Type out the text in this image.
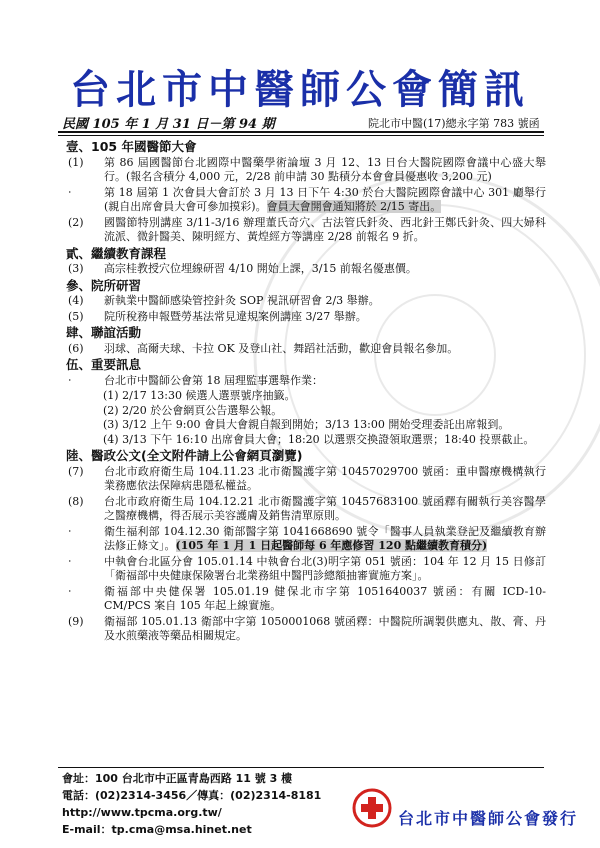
台北市中醫師公會簡訊
民國 105 年 1 月 31 日－第 94 期	院北市中醫(17)總永字第 783 號函
壹、105 年國醫節大會
(1)	第 86 屆國醫節台北國際中醫藥學術論壇 3 月 12、13 日台大醫院國際會議中心盛大舉行。(報名含積分 4,000 元，2/28 前申請 30 點積分本會會員優惠收 3,200 元)
‧	第 18 屆第 1 次會員大會訂於 3 月 13 日下午 4:30 於台大醫院國際會議中心 301 廳舉行(親自出席會員大會可參加摸彩)。會員大會開會通知將於 2/15 寄出。
(2)	國醫節特別講座 3/11-3/16 辦理董氏奇穴、古法管氏針灸、西北針王鄭氏針灸、四大婦科流派、微針醫美、陳明經方、黃煌經方等講座 2/28 前報名 9 折。
貳、繼續教育課程
(3)	高宗桂教授穴位埋線研習 4/10 開始上課，3/15 前報名優惠價。
參、院所研習
(4)	新執業中醫師感染管控針灸 SOP 視訊研習會 2/3 舉辦。
(5)	院所稅務申報暨勞基法常見違規案例講座 3/27 舉辦。
肆、聯誼活動
(6)	羽球、高爾夫球、卡拉 OK 及登山社、舞蹈社活動，歡迎會員報名參加。
伍、重要訊息
‧	台北市中醫師公會第 18 屆理監事選舉作業：
(1) 2/17 13:30 候選人選票號序抽籤。
(2) 2/20 於公會網頁公告選舉公報。
(3) 3/12 上午 9:00 會員大會親自報到開始；3/13 13:00 開始受理委託出席報到。
(4) 3/13 下午 16:10 出席會員大會；18:20 以選票交換證領取選票；18:40 投票截止。
陸、醫政公文(全文附件請上公會網頁瀏覽)
(7)	台北市政府衛生局 104.11.23 北市衛醫護字第 10457029700 號函：重申醫療機構執行業務應依法保障病患隱私權益。
(8)	台北市政府衛生局 104.12.21 北市衛醫護字第 10457683100 號函釋有關執行美容醫學之醫療機構，得否展示美容護膚及銷售清單原則。
‧	衛生福利部 104.12.30 衛部醫字第 1041668690 號令「醫事人員執業登記及繼續教育辦法修正條文」。(105 年 1 月 1 日起醫師每 6 年應修習 120 點繼續教育積分)
‧	中執會台北區分會 105.01.14 中執會台北(3)明字第 051 號函：104 年 12 月 15 日修訂「衛福部中央健康保險署台北業務組中醫門診總額抽審實施方案」。
‧	衛福部中央健保署 105.01.19 健保北市字第 1051640037 號函：有關 ICD-10-CM/PCS 案自 105 年起上線實施。
(9)	衛福部 105.01.13 衛部中字第 1050001068 號函釋：中醫院所調製供應丸、散、膏、丹及水煎藥液等藥品相關規定。
會址：100 台北市中正區青島西路 11 號 3 樓
電話：(02)2314-3456／傳真：(02)2314-8181
http://www.tpcma.org.tw/
E-mail：tp.cma@msa.hinet.net
台北市中醫師公會發行
